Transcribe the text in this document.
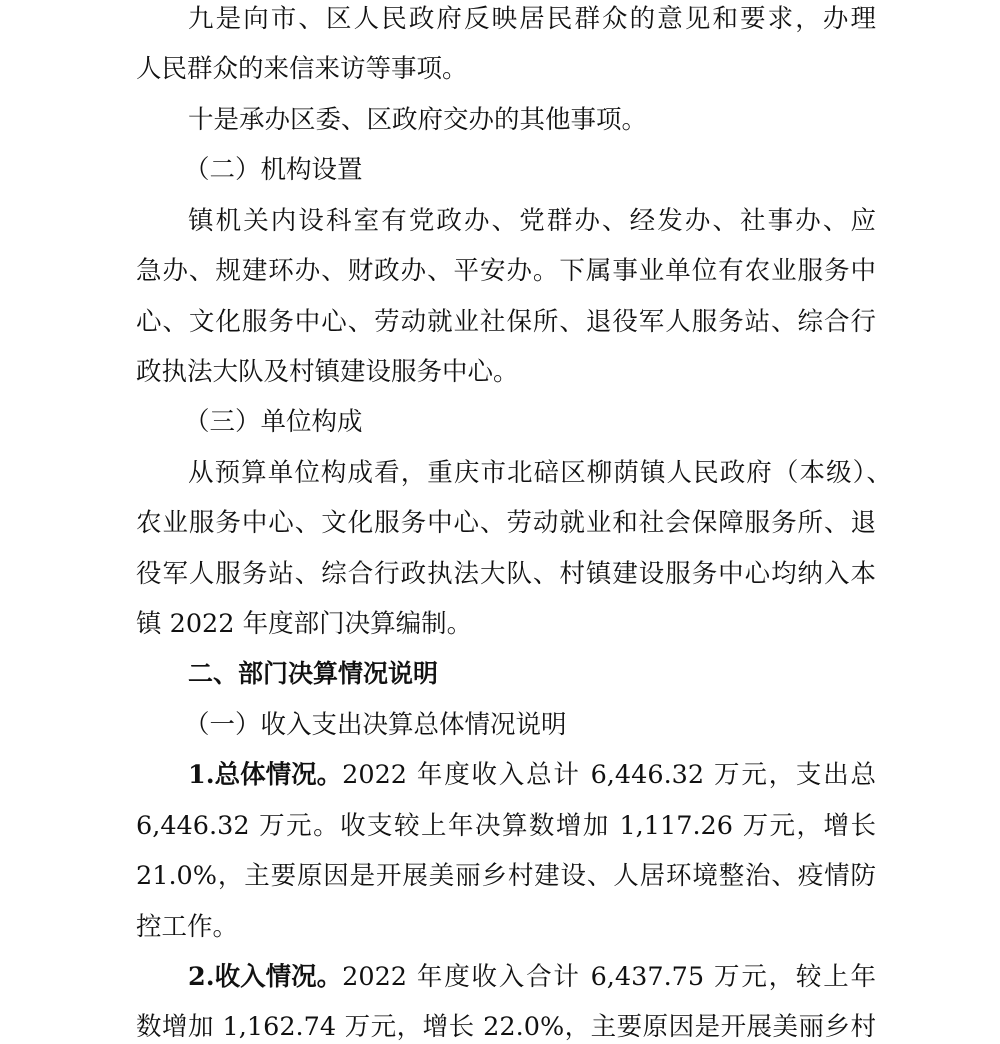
九是向市、区人民政府反映居民群众的意见和要求，办理
人民群众的来信来访等事项。
十是承办区委、区政府交办的其他事项。
（二）机构设置
镇机关内设科室有党政办、党群办、经发办、社事办、应
急办、规建环办、财政办、平安办。下属事业单位有农业服务中
心、文化服务中心、劳动就业社保所、退役军人服务站、综合行
政执法大队及村镇建设服务中心。
（三）单位构成
从预算单位构成看，重庆市北碚区柳荫镇人民政府（本级）、
农业服务中心、文化服务中心、劳动就业和社会保障服务所、退
役军人服务站、综合行政执法大队、村镇建设服务中心均纳入本
镇 2022 年度部门决算编制。
二、部门决算情况说明
（一）收入支出决算总体情况说明
1.总体情况。 2022 年度收入总计 6,446.32 万元，支出总
6,446.32 万元。收支较上年决算数增加 1,117.26 万元，增长
21.0%，主要原因是开展美丽乡村建设、人居环境整治、疫情防
控工作。
2.收入情况。 2022 年度收入合计 6,437.75 万元，较上年
数增加 1,162.74 万元，增长 22.0%，主要原因是开展美丽乡村
